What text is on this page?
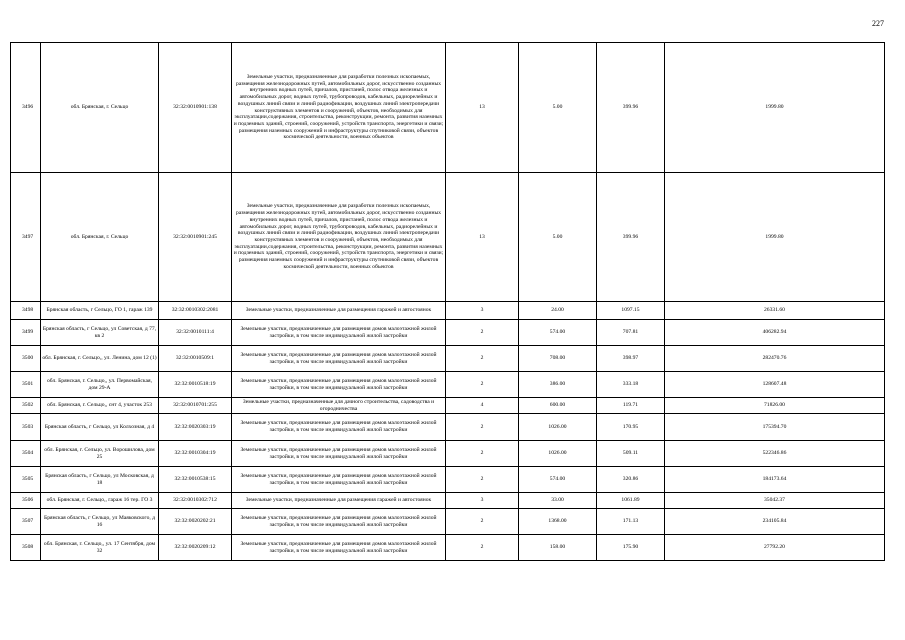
227
3496	обл. Брянская, г. Сельцо	32:32:0010901:138	Земельные участки, предназначенные для разработки полезных ископаемых, размещения железнодорожных путей, автомобильных дорог, искусственно созданных внутренних водных путей, причалов, пристаней, полос отвода железных и автомобильных дорог, водных путей, трубопроводов, кабельных, радиорелейных и воздушных линий связи и линий радиофикации, воздушных линий электропередачи конструктивных элементов и сооружений, объектов, необходимых для эксплуатации,содержания, строительства, реконструкции, ремонта, развития наземных и подземных зданий, строений, сооружений, устройств транспорта, энергетики и связи; размещения наземных сооружений и инфраструктуры спутниковой связи, объектов космической деятельности, военных объектов	13	5.00	399.96	1999.80
3497	обл. Брянская, г. Сельцо	32:32:0010901:245	Земельные участки, предназначенные для разработки полезных ископаемых, размещения железнодорожных путей, автомобильных дорог, искусственно созданных внутренних водных путей, причалов, пристаней, полос отвода железных и автомобильных дорог, водных путей, трубопроводов, кабельных, радиорелейных и воздушных линий связи и линий радиофикации, воздушных линий электропередачи конструктивных элементов и сооружений, объектов, необходимых для эксплуатации,содержания, строительства, реконструкции, ремонта, развития наземных и подземных зданий, строений, сооружений, устройств транспорта, энергетики и связи; размещения наземных сооружений и инфраструктуры спутниковой связи, объектов космической деятельности, военных объектов	13	5.00	399.96	1999.80
3498	Брянская область, г Сельцо, ГО 1, гараж 139	32:32:0010302:2081	Земельные участки, предназначенные для размещения гаражей и автостоянок	3	24.00	1097.15	26331.60
3499	Брянская область, г Сельцо, ул Советская, д 77, кв 2	32:32:0010111:4	Земельные участки, предназначенные для размещения домов малоэтажной жилой застройки, в том числе индивидуальной жилой застройки	2	574.00	707.81	406282.94
3500	обл. Брянская, г. Сельцо,, ул. Ленина, дом 12 (1)	32:32:0010509:1	Земельные участки, предназначенные для размещения домов малоэтажной жилой застройки, в том числе индивидуальной жилой застройки	2	708.00	398.97	282470.76
3501	обл. Брянская, г. Сельцо,, ул. Первомайская, дом 29-А	32:32:0010518:19	Земельные участки, предназначенные для размещения домов малоэтажной жилой застройки, в том числе индивидуальной жилой застройки	2	386.00	333.18	128607.48
3502	обл. Брянская, г. Сельцо,, снт 4, участок 253	32:32:0010701:255	Земельные участки, предназначенные для дачного строительства, садоводства и огородничества	4	600.00	119.71	71826.00
3503	Брянская область, г Сельцо, ул Колхозная, д 4	32:32:0020303:19	Земельные участки, предназначенные для размещения домов малоэтажной жилой застройки, в том числе индивидуальной жилой застройки	2	1026.00	170.95	175394.70
3504	обл. Брянская, г. Сельцо, ул. Ворошилова, дом 25	32:32:0010304:19	Земельные участки, предназначенные для размещения домов малоэтажной жилой застройки, в том числе индивидуальной жилой застройки	2	1026.00	509.11	522346.86
3505	Брянская область, г Сельцо, ул Московская, д 18	32:32:0010538:15	Земельные участки, предназначенные для размещения домов малоэтажной жилой застройки, в том числе индивидуальной жилой застройки	2	574.00	320.86	184173.64
3506	обл. Брянская, г. Сельцо,, гараж 16 тер. ГО 3	32:32:0010302:712	Земельные участки, предназначенные для размещения гаражей и автостоянок	3	33.00	1061.89	35042.37
3507	Брянская область, г Сельцо, ул Маяковского, д 16	32:32:0020202:21	Земельные участки, предназначенные для размещения домов малоэтажной жилой застройки, в том числе индивидуальной жилой застройки	2	1368.00	171.13	234105.84
3508	обл. Брянская, г. Сельцо,, ул. 17 Сентября, дом 32	32:32:0020209:12	Земельные участки, предназначенные для размещения домов малоэтажной жилой застройки, в том числе индивидуальной жилой застройки	2	158.00	175.90	27792.20
